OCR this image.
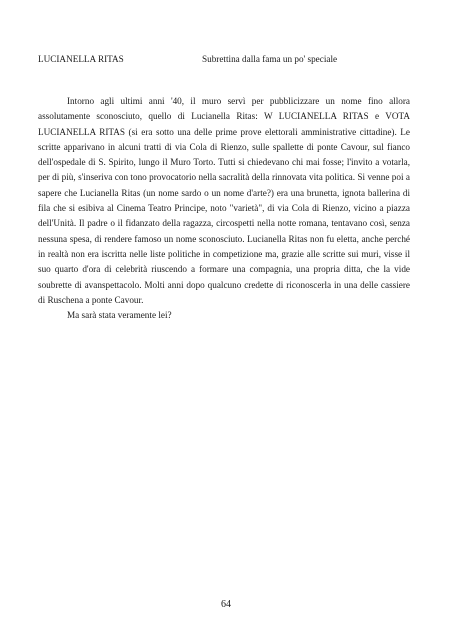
LUCIANELLA RITAS	Subrettina dalla fama un po' speciale

Intorno agli ultimi anni '40, il muro servì per pubblicizzare un nome fino allora assolutamente sconosciuto, quello di Lucianella Ritas: W LUCIANELLA RITAS e VOTA LUCIANELLA RITAS (si era sotto una delle prime prove elettorali amministrative cittadine). Le scritte apparivano in alcuni tratti di via Cola di Rienzo, sulle spallette di ponte Cavour, sul fianco dell'ospedale di S. Spirito, lungo il Muro Torto. Tutti si chiedevano chi mai fosse; l'invito a votarla, per di più, s'inseriva con tono provocatorio nella sacralità della rinnovata vita politica. Si venne poi a sapere che Lucianella Ritas (un nome sardo o un nome d'arte?) era una brunetta, ignota ballerina di fila che si esibiva al Cinema Teatro Principe, noto "varietà", di via Cola di Rienzo, vicino a piazza dell'Unità. Il padre o il fidanzato della ragazza, circospetti nella notte romana, tentavano così, senza nessuna spesa, di rendere famoso un nome sconosciuto. Lucianella Ritas non fu eletta, anche perché in realtà non era iscritta nelle liste politiche in competizione ma, grazie alle scritte sui muri, visse il suo quarto d'ora di celebrità riuscendo a formare una compagnia, una propria ditta, che la vide soubrette di avanspettacolo. Molti anni dopo qualcuno credette di riconoscerla in una delle cassiere di Ruschena a ponte Cavour.

Ma sarà stata veramente lei?

64
